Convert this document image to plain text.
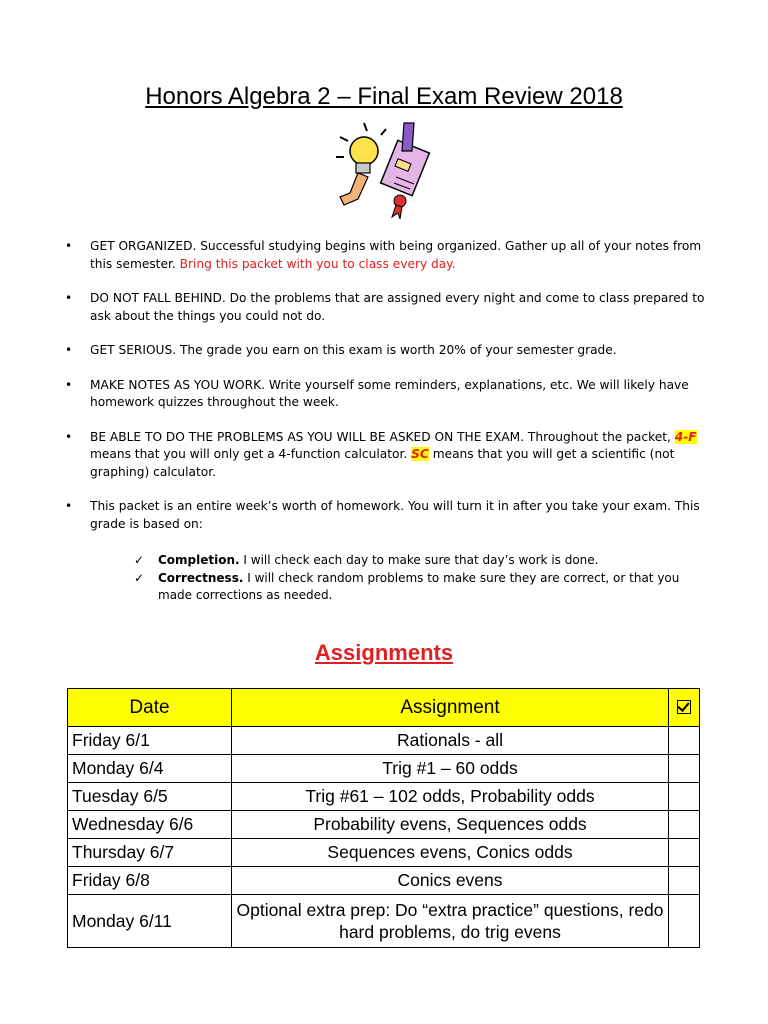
Honors Algebra 2 – Final Exam Review 2018
• GET ORGANIZED. Successful studying begins with being organized. Gather up all of your notes from this semester. Bring this packet with you to class every day.
• DO NOT FALL BEHIND. Do the problems that are assigned every night and come to class prepared to ask about the things you could not do.
• GET SERIOUS. The grade you earn on this exam is worth 20% of your semester grade.
• MAKE NOTES AS YOU WORK. Write yourself some reminders, explanations, etc. We will likely have homework quizzes throughout the week.
• BE ABLE TO DO THE PROBLEMS AS YOU WILL BE ASKED ON THE EXAM. Throughout the packet, 4-F means that you will only get a 4-function calculator. SC means that you will get a scientific (not graphing) calculator.
• This packet is an entire week’s worth of homework. You will turn it in after you take your exam. This grade is based on:
✓ Completion. I will check each day to make sure that day’s work is done.
✓ Correctness. I will check random problems to make sure they are correct, or that you made corrections as needed.
Assignments
Date	Assignment	
Friday 6/1	Rationals - all	
Monday 6/4	Trig #1 – 60 odds	
Tuesday 6/5	Trig #61 – 102 odds, Probability odds	
Wednesday 6/6	Probability evens, Sequences odds	
Thursday 6/7	Sequences evens, Conics odds	
Friday 6/8	Conics evens	
Monday 6/11	Optional extra prep: Do “extra practice” questions, redo hard problems, do trig evens	
